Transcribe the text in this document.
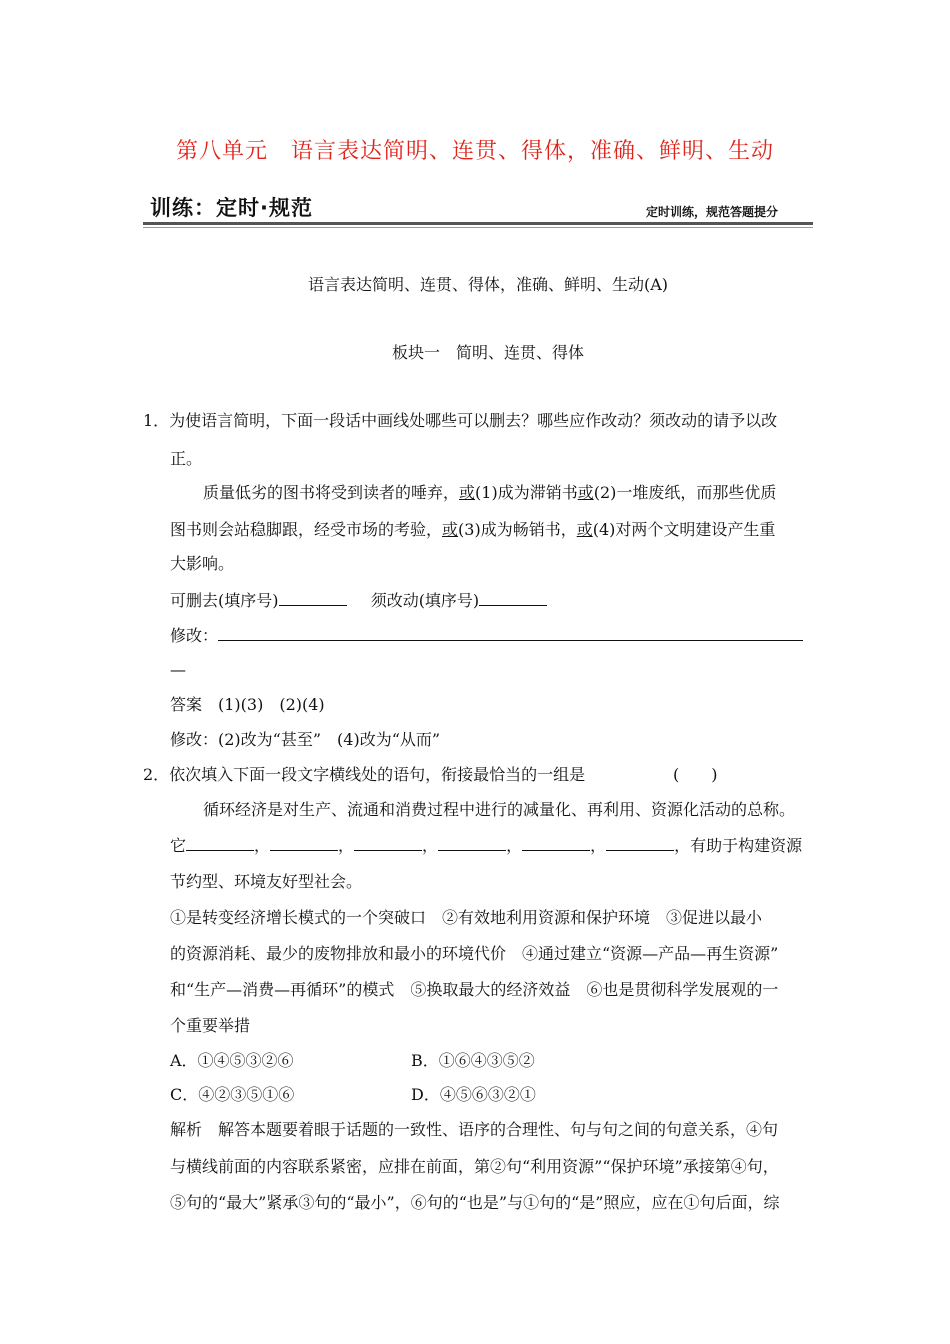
第八单元　语言表达简明、连贯、得体，准确、鲜明、生动
训练：定时·规范	定时训练，规范答题提分
语言表达简明、连贯、得体，准确、鲜明、生动(A)
板块一　简明、连贯、得体
1．为使语言简明，下面一段话中画线处哪些可以删去？哪些应作改动？须改动的请予以改
正。
质量低劣的图书将受到读者的唾弃，或(1)成为滞销书或(2)一堆废纸，而那些优质
图书则会站稳脚跟，经受市场的考验，或(3)成为畅销书，或(4)对两个文明建设产生重
大影响。
可删去(填序号)	须改动(填序号)
修改：
—
答案　(1)(3)　(2)(4)
修改：(2)改为“甚至”　(4)改为“从而”
2．依次填入下面一段文字横线处的语句，衔接最恰当的一组是	(　　)
循环经济是对生产、流通和消费过程中进行的减量化、再利用、资源化活动的总称。
它	，	，	，	，	，	，有助于构建资源
节约型、环境友好型社会。
①是转变经济增长模式的一个突破口　②有效地利用资源和保护环境　③促进以最小
的资源消耗、最少的废物排放和最小的环境代价　④通过建立“资源—产品—再生资源”
和“生产—消费—再循环”的模式　⑤换取最大的经济效益　⑥也是贯彻科学发展观的一
个重要举措
A．①④⑤③②⑥	B．①⑥④③⑤②
C．④②③⑤①⑥	D．④⑤⑥③②①
解析　解答本题要着眼于话题的一致性、语序的合理性、句与句之间的句意关系，④句
与横线前面的内容联系紧密，应排在前面，第②句“利用资源”“保护环境”承接第④句，
⑤句的“最大”紧承③句的“最小”，⑥句的“也是”与①句的“是”照应，应在①句后面，综
